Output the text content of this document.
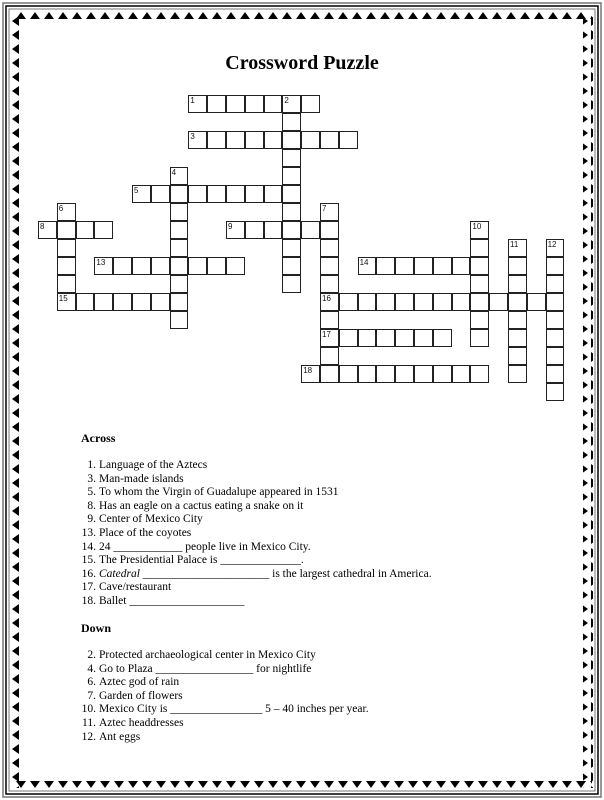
Crossword Puzzle
1	2
3
4
5
6
15
7
16
17
8	9	10
11	12
13	14
18
Across
1. Language of the Aztecs
3. Man-made islands
5. To whom the Virgin of Guadalupe appeared in 1531
8. Has an eagle on a cactus eating a snake on it
9. Center of Mexico City
13. Place of the coyotes
14. 24 ____________ people live in Mexico City.
15. The Presidential Palace is ______________.
16. Catedral ______________________ is the largest cathedral in America.
17. Cave/restaurant
18. Ballet ____________________
Down
2. Protected archaeological center in Mexico City
4. Go to Plaza _________________ for nightlife
6. Aztec god of rain
7. Garden of flowers
10. Mexico City is ________________ 5 – 40 inches per year.
11. Aztec headdresses
12. Ant eggs
